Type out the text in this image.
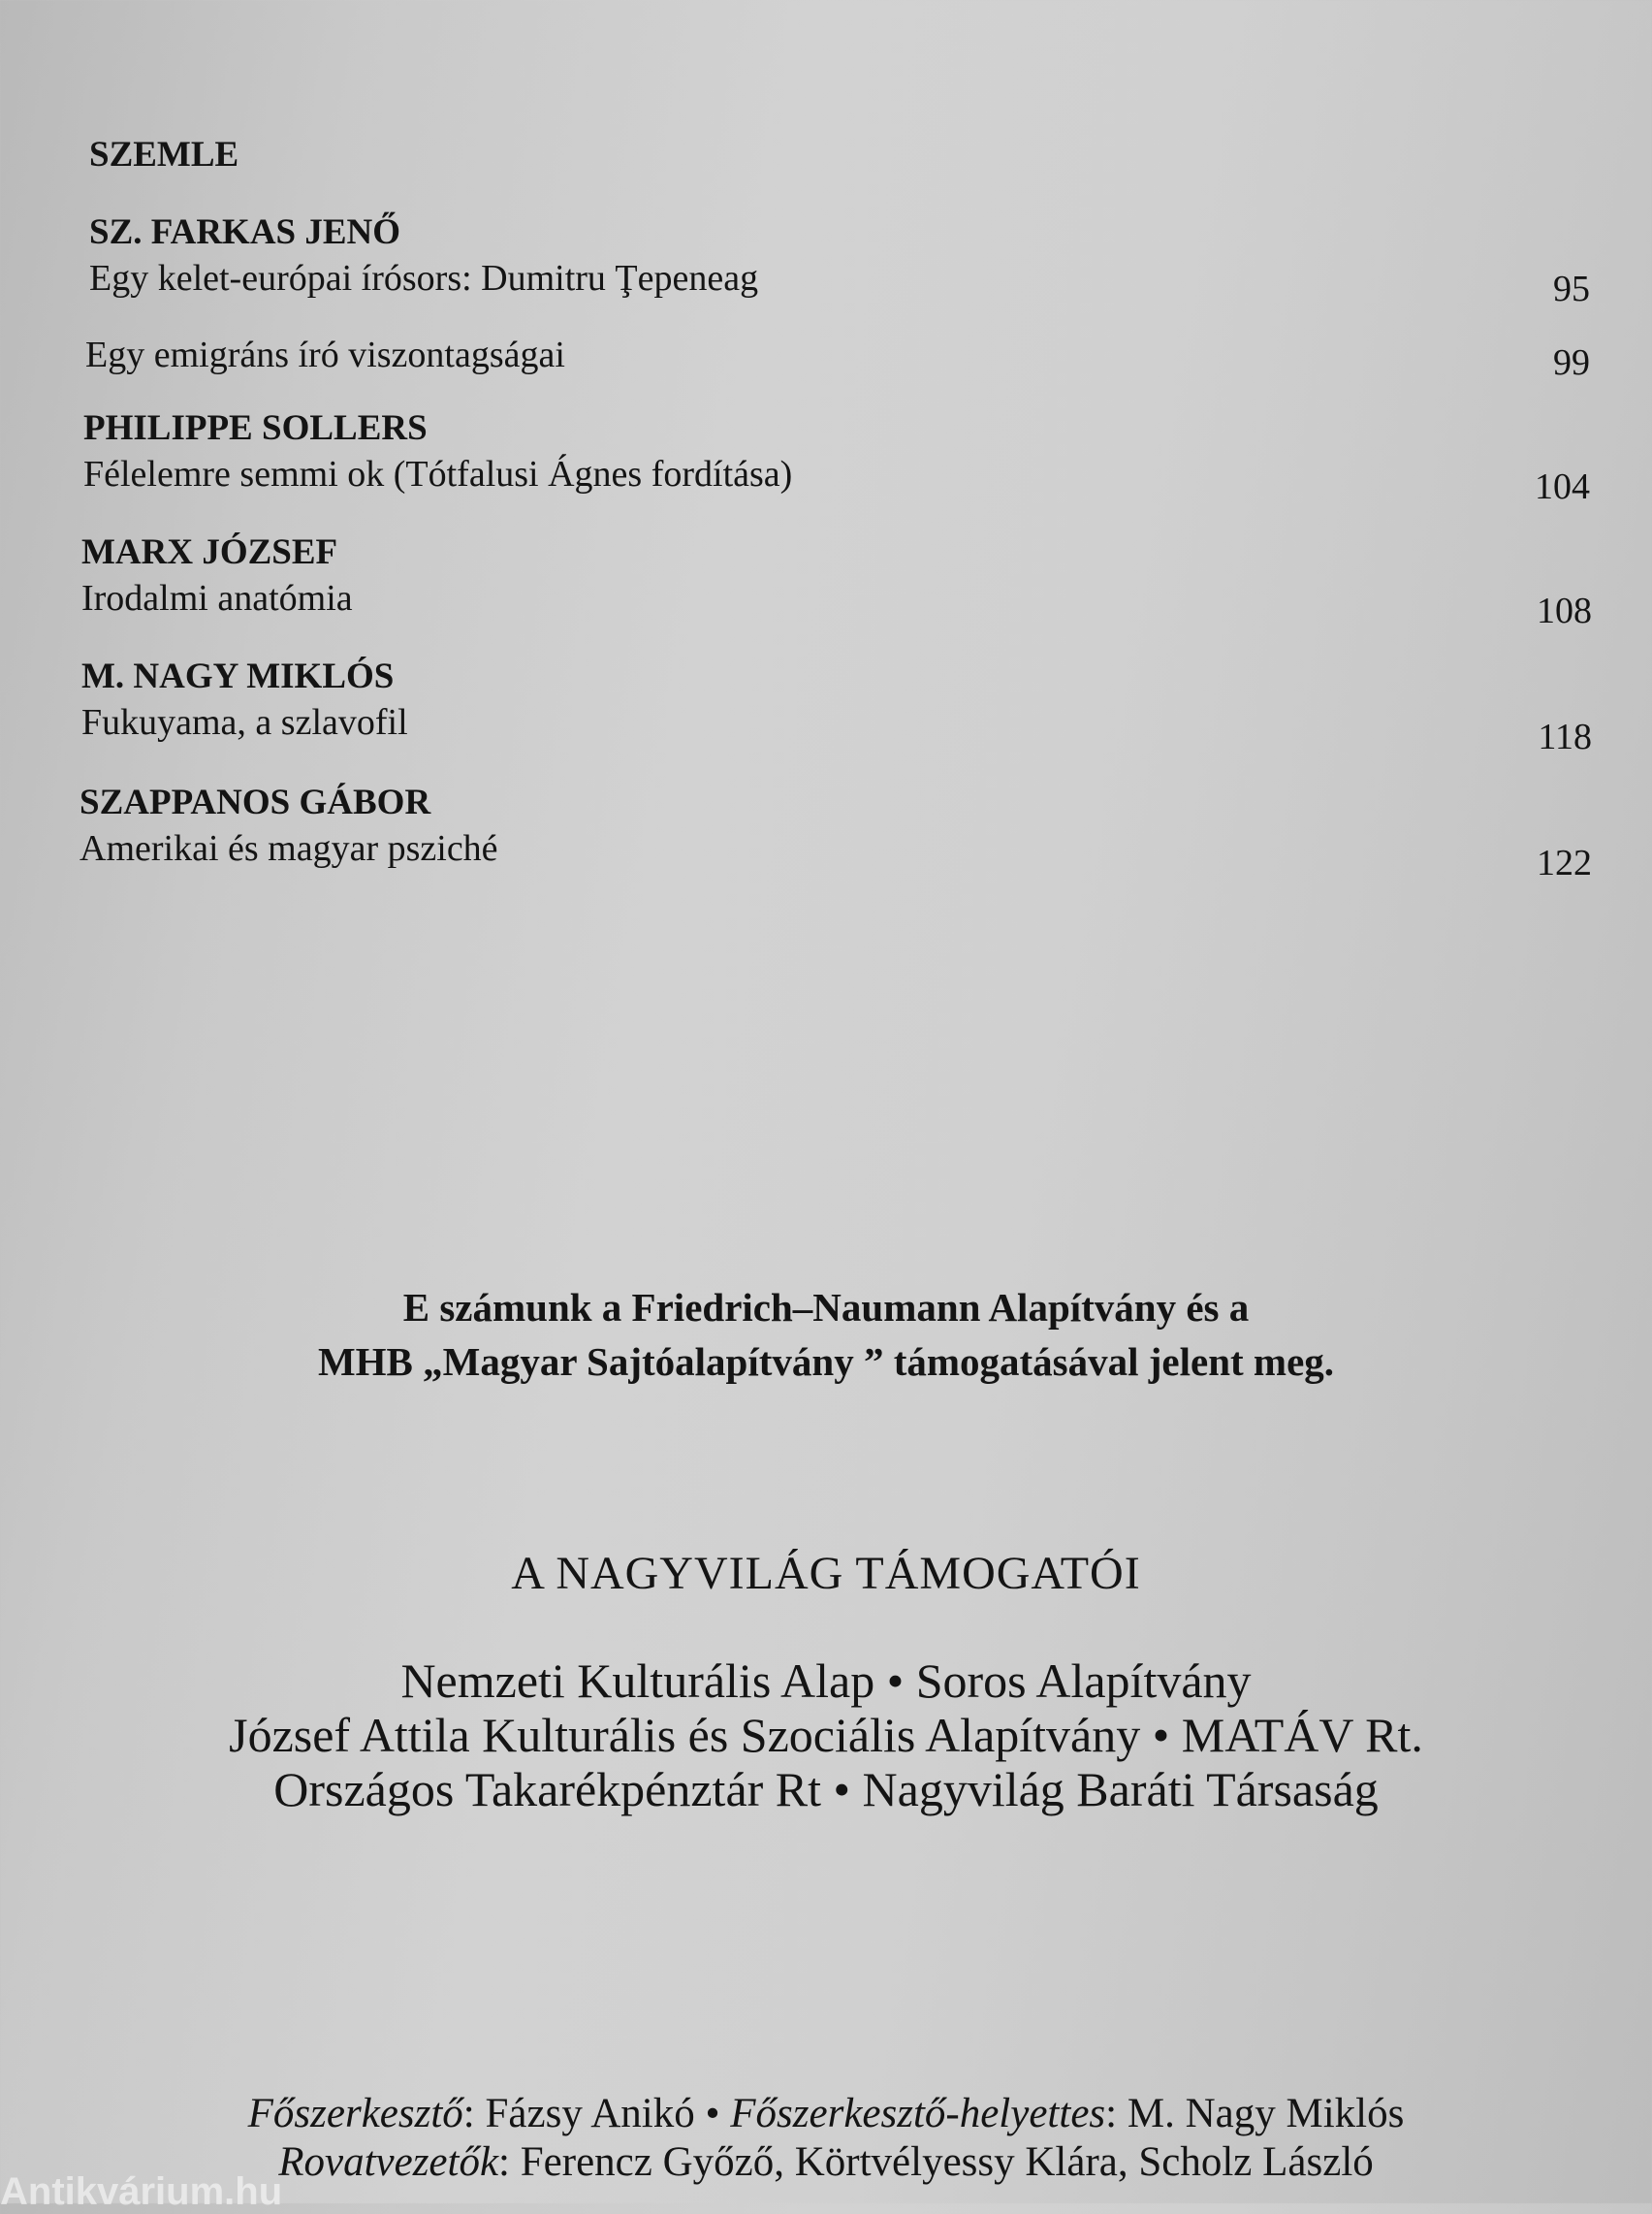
SZEMLE
SZ. FARKAS JENŐ
Egy kelet-európai írósors: Dumitru Ţepeneag	95
Egy emigráns író viszontagságai	99
PHILIPPE SOLLERS
Félelemre semmi ok (Tótfalusi Ágnes fordítása)	104
MARX JÓZSEF
Irodalmi anatómia	108
M. NAGY MIKLÓS
Fukuyama, a szlavofil	118
SZAPPANOS GÁBOR
Amerikai és magyar psziché	122
E számunk a Friedrich–Naumann Alapítvány és a
MHB „Magyar Sajtóalapítvány ” támogatásával jelent meg.
A NAGYVILÁG TÁMOGATÓI
Nemzeti Kulturális Alap • Soros Alapítvány
József Attila Kulturális és Szociális Alapítvány • MATÁV Rt.
Országos Takarékpénztár Rt • Nagyvilág Baráti Társaság
Főszerkesztő: Fázsy Anikó • Főszerkesztő-helyettes: M. Nagy Miklós
Rovatvezetők: Ferencz Győző, Körtvélyessy Klára, Scholz László
Antikvárium.hu
